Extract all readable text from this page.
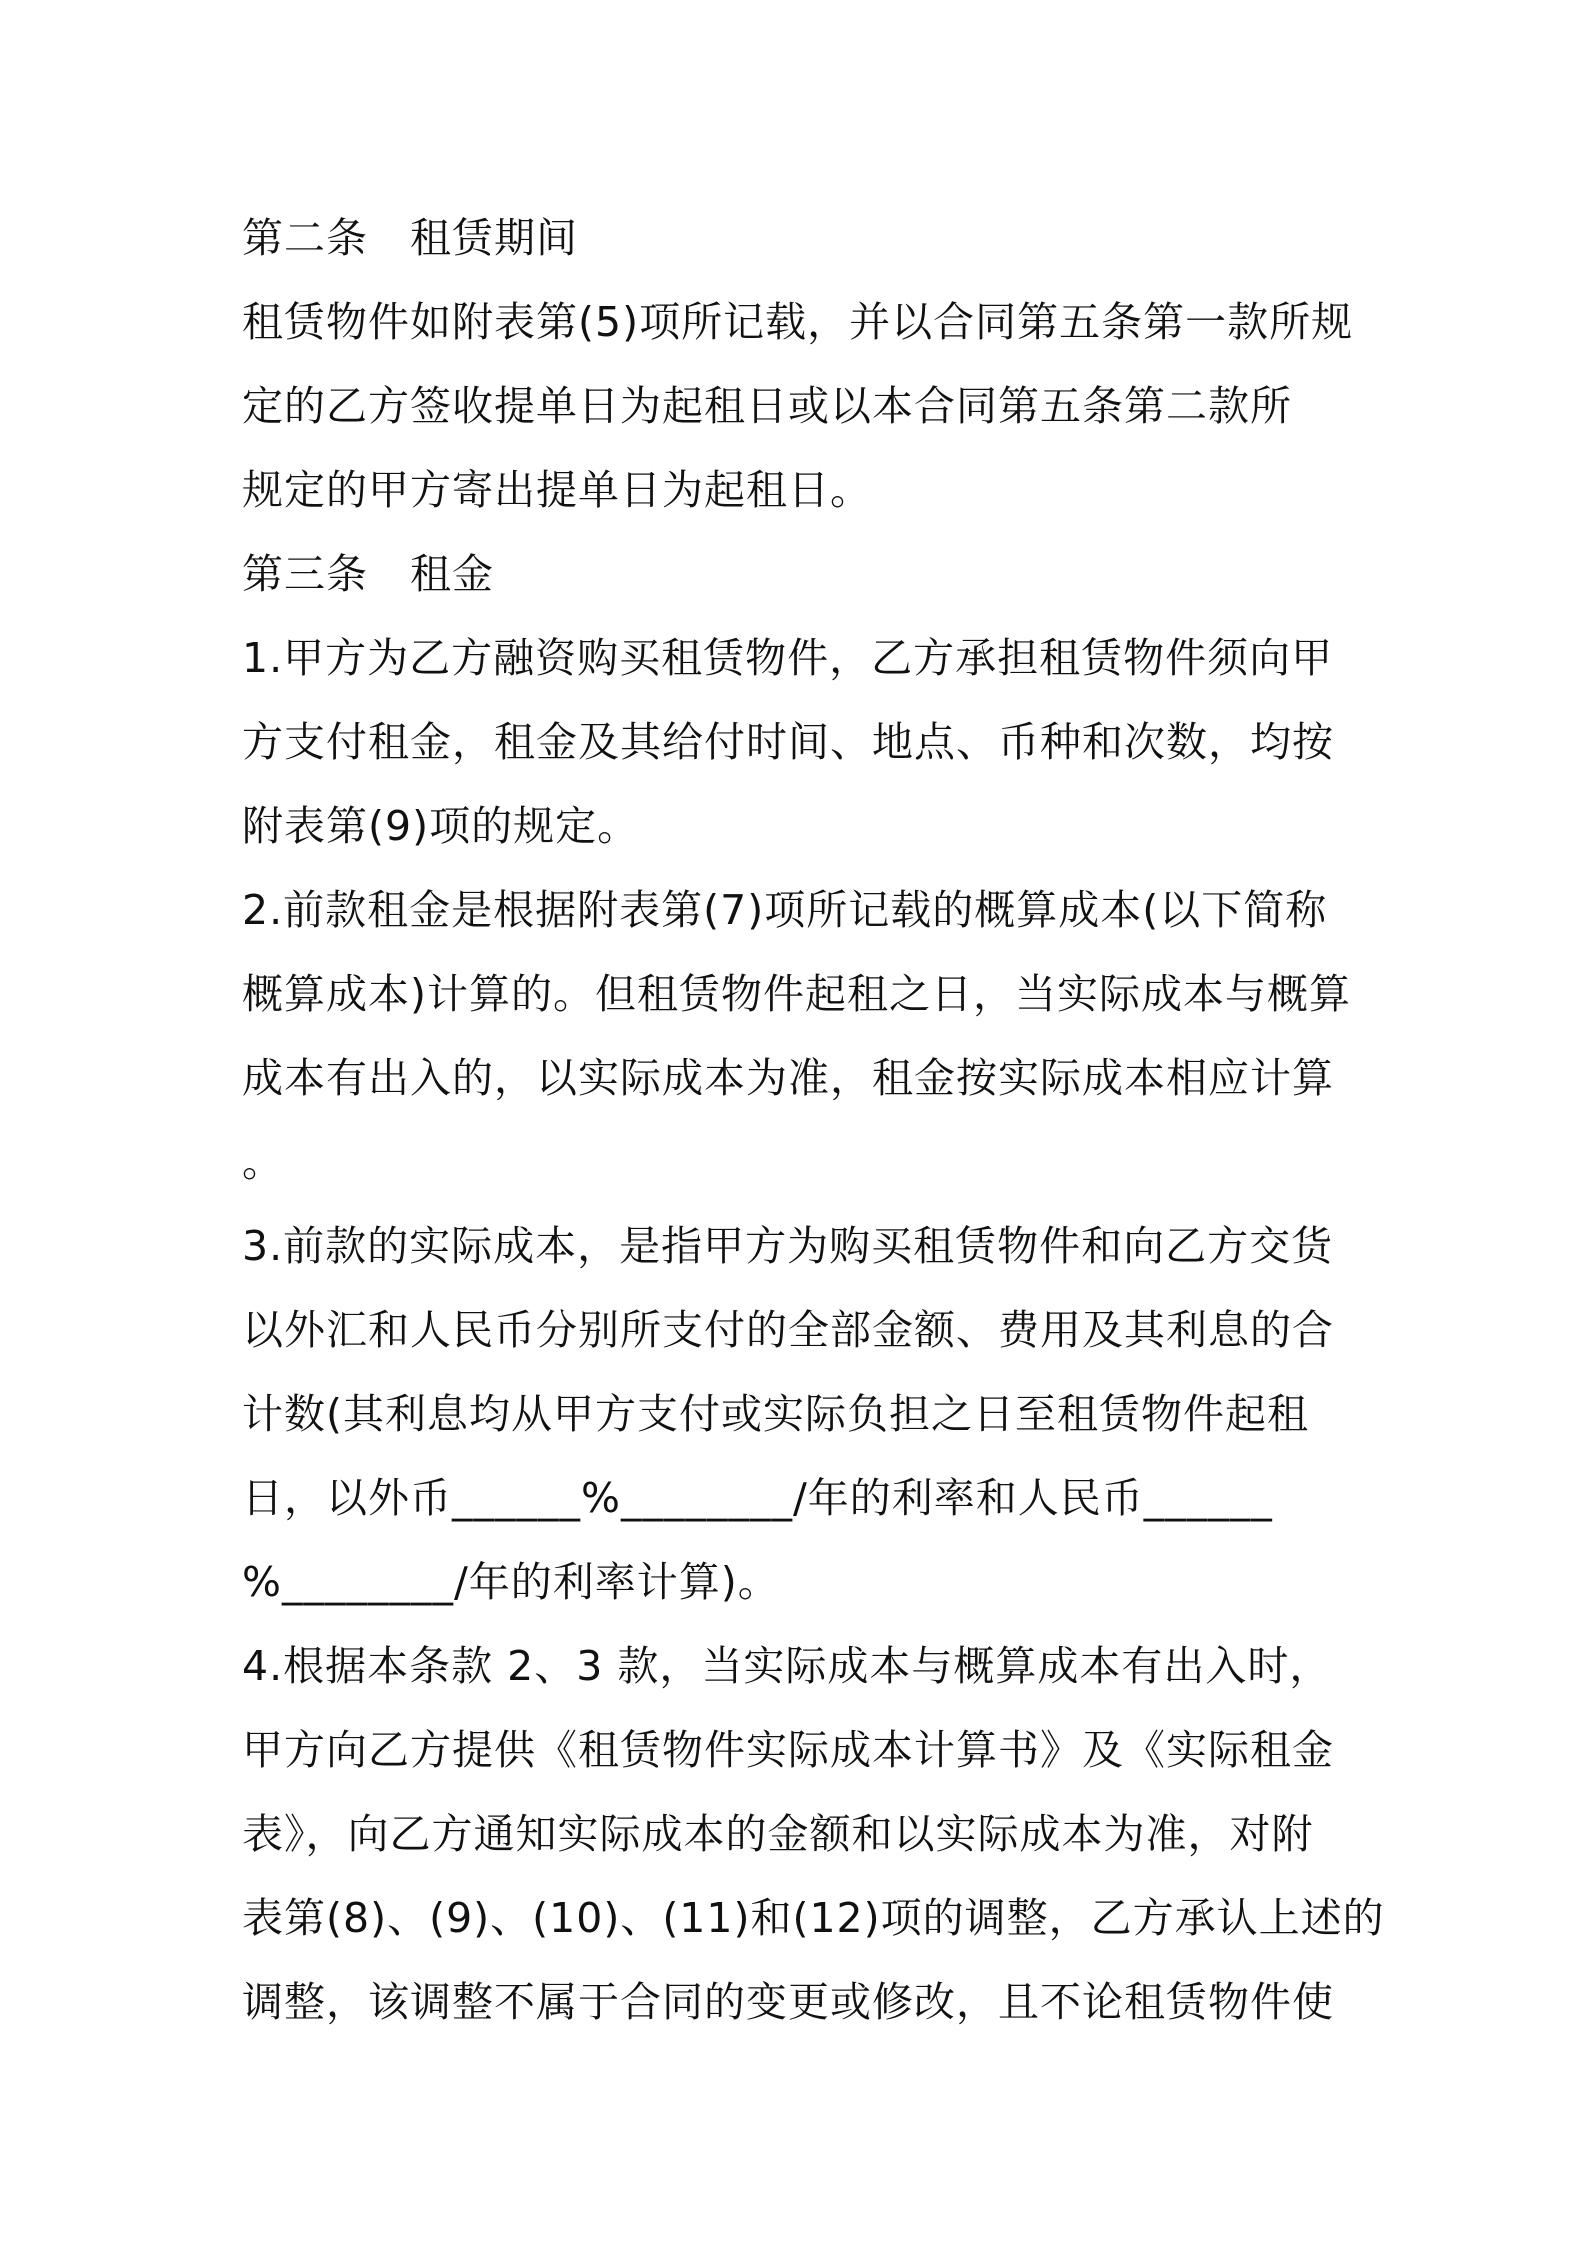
第二条　租赁期间
租赁物件如附表第(5)项所记载，并以合同第五条第一款所规
定的乙方签收提单日为起租日或以本合同第五条第二款所
规定的甲方寄出提单日为起租日。
第三条　租金
1.甲方为乙方融资购买租赁物件，乙方承担租赁物件须向甲
方支付租金，租金及其给付时间、地点、币种和次数，均按
附表第(9)项的规定。
2.前款租金是根据附表第(7)项所记载的概算成本(以下简称
概算成本)计算的。但租赁物件起租之日，当实际成本与概算
成本有出入的，以实际成本为准，租金按实际成本相应计算
。
3.前款的实际成本，是指甲方为购买租赁物件和向乙方交货
以外汇和人民币分别所支付的全部金额、费用及其利息的合
计数(其利息均从甲方支付或实际负担之日至租赁物件起租
日，以外币______%________/年的利率和人民币______
%________/年的利率计算)。
4.根据本条款 2、3 款，当实际成本与概算成本有出入时，
甲方向乙方提供《租赁物件实际成本计算书》及《实际租金
表》，向乙方通知实际成本的金额和以实际成本为准，对附
表第(8)、(9)、(10)、(11)和(12)项的调整，乙方承认上述的
调整，该调整不属于合同的变更或修改，且不论租赁物件使
